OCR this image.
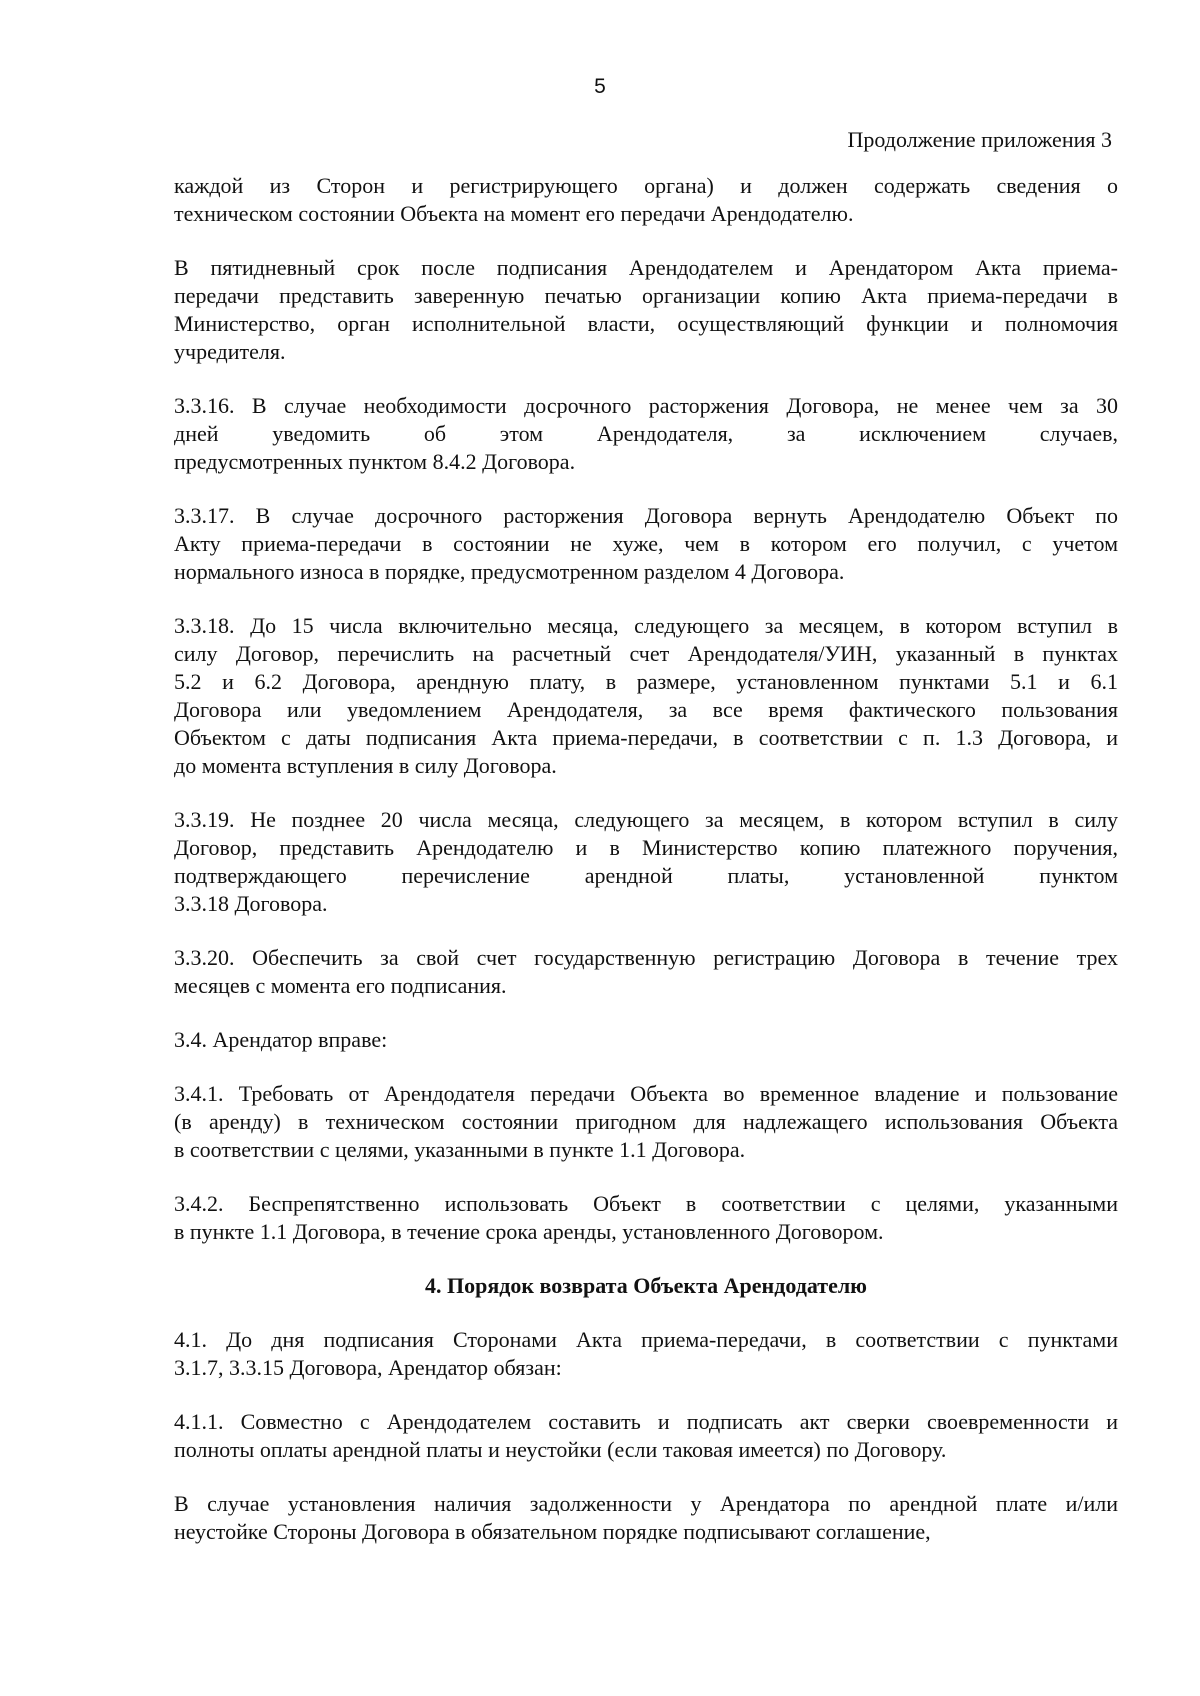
5
Продолжение приложения 3

каждой из Сторон и регистрирующего органа) и должен содержать сведения о
техническом состоянии Объекта на момент его передачи Арендодателю.

В пятидневный срок после подписания Арендодателем и Арендатором Акта приема-
передачи представить заверенную печатью организации копию Акта приема-передачи в
Министерство, орган исполнительной власти, осуществляющий функции и полномочия
учредителя.

3.3.16. В случае необходимости досрочного расторжения Договора, не менее чем за 30
дней уведомить об этом Арендодателя, за исключением случаев,
предусмотренных пунктом 8.4.2 Договора.

3.3.17. В случае досрочного расторжения Договора вернуть Арендодателю Объект по
Акту приема-передачи в состоянии не хуже, чем в котором его получил, с учетом
нормального износа в порядке, предусмотренном разделом 4 Договора.

3.3.18. До 15 числа включительно месяца, следующего за месяцем, в котором вступил в
силу Договор, перечислить на расчетный счет Арендодателя/УИН, указанный в пунктах
5.2 и 6.2 Договора, арендную плату, в размере, установленном пунктами 5.1 и 6.1
Договора или уведомлением Арендодателя, за все время фактического пользования
Объектом с даты подписания Акта приема-передачи, в соответствии с п. 1.3 Договора, и
до момента вступления в силу Договора.

3.3.19. Не позднее 20 числа месяца, следующего за месяцем, в котором вступил в силу
Договор, представить Арендодателю и в Министерство копию платежного поручения,
подтверждающего перечисление арендной платы, установленной пунктом
3.3.18 Договора.

3.3.20. Обеспечить за свой счет государственную регистрацию Договора в течение трех
месяцев с момента его подписания.

3.4. Арендатор вправе:

3.4.1. Требовать от Арендодателя передачи Объекта во временное владение и пользование
(в аренду) в техническом состоянии пригодном для надлежащего использования Объекта
в соответствии с целями, указанными в пункте 1.1 Договора.

3.4.2. Беспрепятственно использовать Объект в соответствии с целями, указанными
в пункте 1.1 Договора, в течение срока аренды, установленного Договором.

4. Порядок возврата Объекта Арендодателю

4.1. До дня подписания Сторонами Акта приема-передачи, в соответствии с пунктами
3.1.7, 3.3.15 Договора, Арендатор обязан:

4.1.1. Совместно с Арендодателем составить и подписать акт сверки своевременности и
полноты оплаты арендной платы и неустойки (если таковая имеется) по Договору.

В случае установления наличия задолженности у Арендатора по арендной плате и/или
неустойке Стороны Договора в обязательном порядке подписывают соглашение,
